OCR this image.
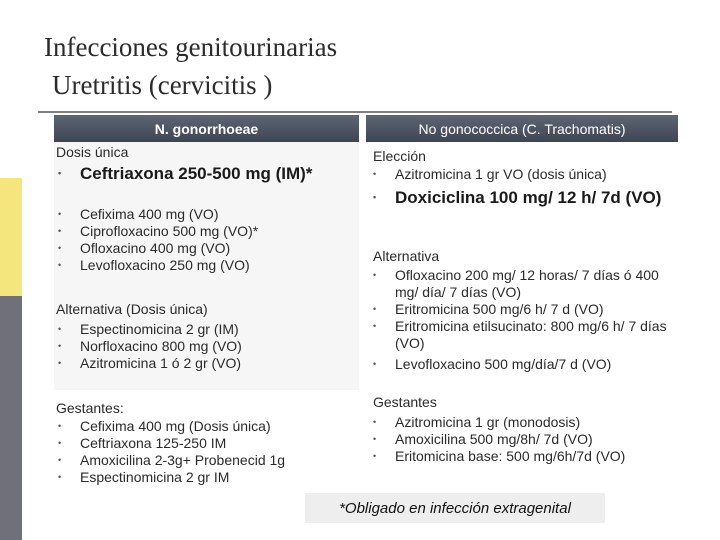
Infecciones genitourinarias
Uretritis (cervicitis )
N. gonorrhoeae	No gonococcica (C. Trachomatis)
Dosis única
• Ceftriaxona 250-500 mg (IM)*
• Cefixima 400 mg (VO)
• Ciprofloxacino 500 mg (VO)*
• Ofloxacino 400 mg (VO)
• Levofloxacino 250 mg (VO)
Alternativa (Dosis única)
• Espectinomicina 2 gr (IM)
• Norfloxacino 800 mg (VO)
• Azitromicina 1 ó 2 gr (VO)
Gestantes:
• Cefixima 400 mg (Dosis única)
• Ceftriaxona 125-250 IM
• Amoxicilina 2-3g+ Probenecid 1g
• Espectinomicina 2 gr IM
Elección
• Azitromicina 1 gr VO (dosis única)
• Doxiciclina 100 mg/ 12 h/ 7d (VO)
Alternativa
• Ofloxacino 200 mg/ 12 horas/ 7 días ó 400 mg/ día/ 7 días (VO)
• Eritromicina 500 mg/6 h/ 7 d (VO)
• Eritromicina etilsucinato: 800 mg/6 h/ 7 días (VO)
• Levofloxacino 500 mg/día/7 d (VO)
Gestantes
• Azitromicina 1 gr (monodosis)
• Amoxicilina 500 mg/8h/ 7d (VO)
• Eritomicina base: 500 mg/6h/7d (VO)
*Obligado en infección extragenital
